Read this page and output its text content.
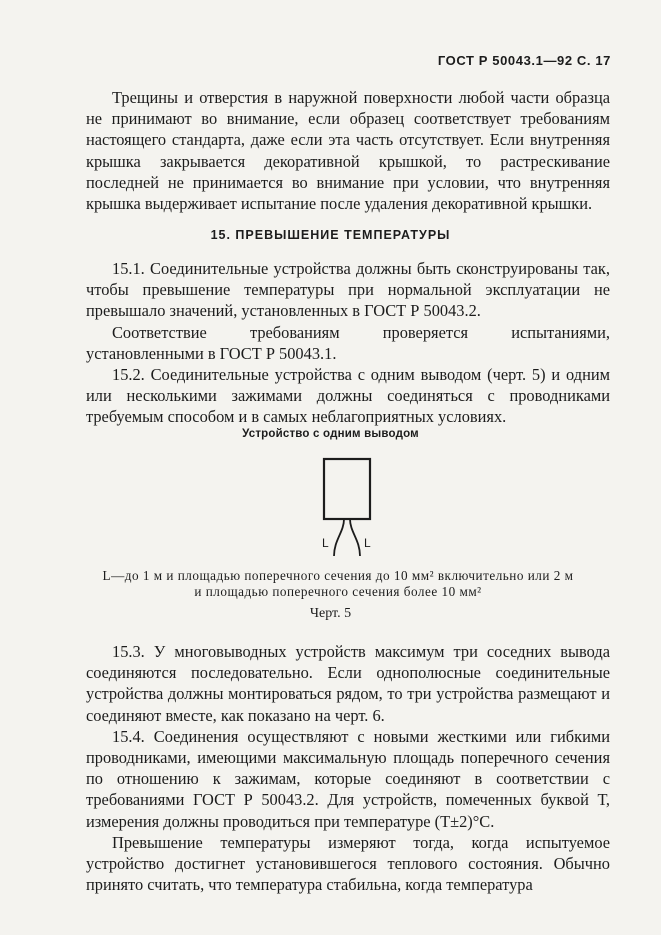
ГОСТ Р 50043.1—92 С. 17

Трещины и отверстия в наружной поверхности любой части образца не принимают во внимание, если образец соответствует требованиям настоящего стандарта, даже если эта часть отсутствует. Если внутренняя крышка закрывается декоративной крышкой, то растрескивание последней не принимается во внимание при условии, что внутренняя крышка выдерживает испытание после удаления декоративной крышки.

15. ПРЕВЫШЕНИЕ ТЕМПЕРАТУРЫ

15.1. Соединительные устройства должны быть сконструированы так, чтобы превышение температуры при нормальной эксплуатации не превышало значений, установленных в ГОСТ Р 50043.2.

Соответствие требованиям проверяется испытаниями, установленными в ГОСТ Р 50043.1.

15.2. Соединительные устройства с одним выводом (черт. 5) и одним или несколькими зажимами должны соединяться с проводниками требуемым способом и в самых неблагоприятных условиях.

Устройство с одним выводом
L	L
L—до 1 м и площадью поперечного сечения до 10 мм² включительно или 2 м
и площадью поперечного сечения более 10 мм²
Черт. 5

15.3. У многовыводных устройств максимум три соседних вывода соединяются последовательно. Если однополюсные соединительные устройства должны монтироваться рядом, то три устройства размещают и соединяют вместе, как показано на черт. 6.

15.4. Соединения осуществляют с новыми жесткими или гибкими проводниками, имеющими максимальную площадь поперечного сечения по отношению к зажимам, которые соединяют в соответствии с требованиями ГОСТ Р 50043.2. Для устройств, помеченных буквой Т, измерения должны проводиться при температуре (T±2)°C.

Превышение температуры измеряют тогда, когда испытуемое устройство достигнет установившегося теплового состояния. Обычно принято считать, что температура стабильна, когда температура
